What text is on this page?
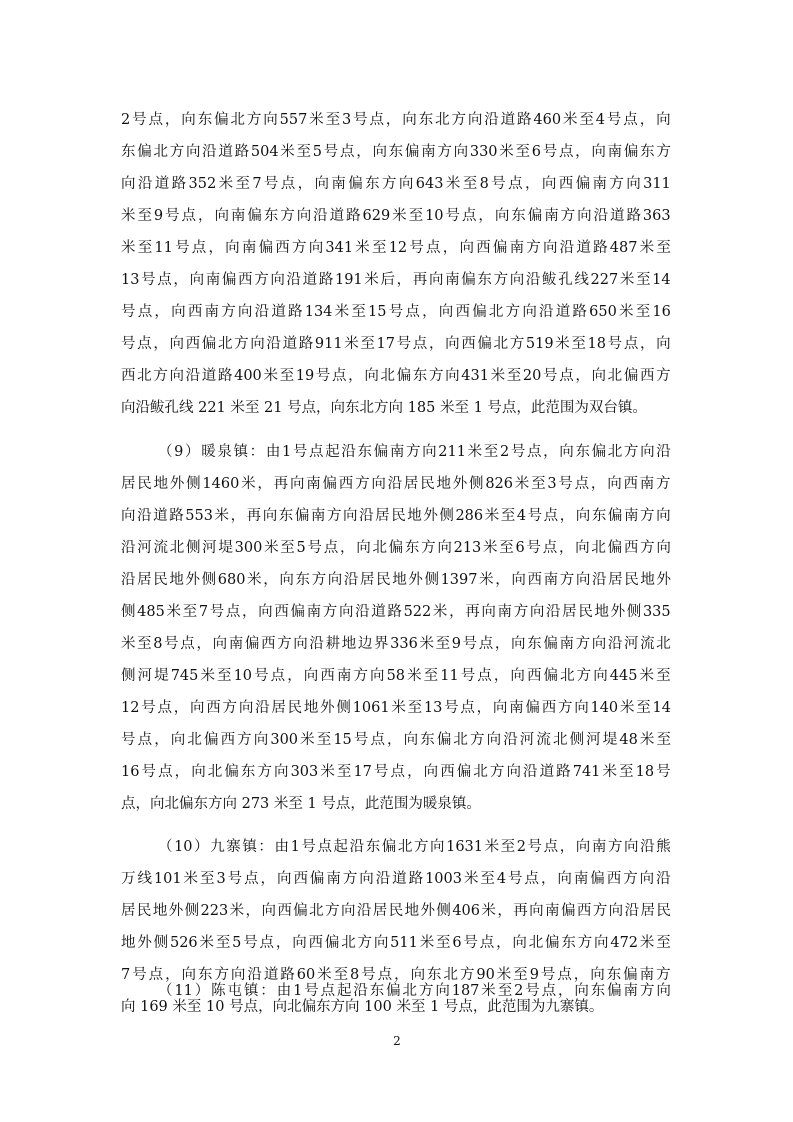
2
2 号 点 ， 向 东 偏 北 方 向 557 米 至 3 号 点 ， 向 东 北 方 向 沿 道 路 460 米 至 4 号 点 ， 向
东 偏 北 方 向 沿 道 路 504 米 至 5 号 点 ， 向 东 偏 南 方 向 330 米 至 6 号 点 ， 向 南 偏 东 方
向 沿 道 路 352 米 至 7 号 点 ， 向 南 偏 东 方 向 643 米 至 8 号 点 ， 向 西 偏 南 方 向 311
米 至 9 号 点 ， 向 南 偏 东 方 向 沿 道 路 629 米 至 10 号 点 ， 向 东 偏 南 方 向 沿 道 路 363
米 至 11 号 点 ， 向 南 偏 西 方 向 341 米 至 12 号 点 ， 向 西 偏 南 方 向 沿 道 路 487 米 至
13 号 点 ， 向 南 偏 西 方 向 沿 道 路 191 米 后 ， 再 向 南 偏 东 方 向 沿 鲅 孔 线 227 米 至 14
号 点 ， 向 西 南 方 向 沿 道 路 134 米 至 15 号 点 ， 向 西 偏 北 方 向 沿 道 路 650 米 至 16
号 点 ， 向 西 偏 北 方 向 沿 道 路 911 米 至 17 号 点 ， 向 西 偏 北 方 519 米 至 18 号 点 ， 向
西 北 方 向 沿 道 路 400 米 至 19 号 点 ， 向 北 偏 东 方 向 431 米 至 20 号 点 ， 向 北 偏 西 方
向沿鲅孔线 221 米至 21 号点，向东北方向 185 米至 1 号点，此范围为双台镇。
（ 9 ） 暖 泉 镇 ： 由 1 号 点 起 沿 东 偏 南 方 向 211 米 至 2 号 点 ， 向 东 偏 北 方 向 沿
居 民 地 外 侧 1460 米 ， 再 向 南 偏 西 方 向 沿 居 民 地 外 侧 826 米 至 3 号 点 ， 向 西 南 方
向 沿 道 路 553 米 ， 再 向 东 偏 南 方 向 沿 居 民 地 外 侧 286 米 至 4 号 点 ， 向 东 偏 南 方 向
沿 河 流 北 侧 河 堤 300 米 至 5 号 点 ， 向 北 偏 东 方 向 213 米 至 6 号 点 ， 向 北 偏 西 方 向
沿 居 民 地 外 侧 680 米 ， 向 东 方 向 沿 居 民 地 外 侧 1397 米 ， 向 西 南 方 向 沿 居 民 地 外
侧 485 米 至 7 号 点 ， 向 西 偏 南 方 向 沿 道 路 522 米 ， 再 向 南 方 向 沿 居 民 地 外 侧 335
米 至 8 号 点 ， 向 南 偏 西 方 向 沿 耕 地 边 界 336 米 至 9 号 点 ， 向 东 偏 南 方 向 沿 河 流 北
侧 河 堤 745 米 至 10 号 点 ， 向 西 南 方 向 58 米 至 11 号 点 ， 向 西 偏 北 方 向 445 米 至
12 号 点 ， 向 西 方 向 沿 居 民 地 外 侧 1061 米 至 13 号 点 ， 向 南 偏 西 方 向 140 米 至 14
号 点 ， 向 北 偏 西 方 向 300 米 至 15 号 点 ， 向 东 偏 北 方 向 沿 河 流 北 侧 河 堤 48 米 至
16 号 点 ， 向 北 偏 东 方 向 303 米 至 17 号 点 ， 向 西 偏 北 方 向 沿 道 路 741 米 至 18 号
点，向北偏东方向 273 米至 1 号点，此范围为暖泉镇。
（ 10 ） 九 寨 镇 ： 由 1 号 点 起 沿 东 偏 北 方 向 1631 米 至 2 号 点 ， 向 南 方 向 沿 熊
万 线 101 米 至 3 号 点 ， 向 西 偏 南 方 向 沿 道 路 1003 米 至 4 号 点 ， 向 南 偏 西 方 向 沿
居 民 地 外 侧 223 米 ， 向 西 偏 北 方 向 沿 居 民 地 外 侧 406 米 ， 再 向 南 偏 西 方 向 沿 居 民
地 外 侧 526 米 至 5 号 点 ， 向 西 偏 北 方 向 511 米 至 6 号 点 ， 向 北 偏 东 方 向 472 米 至
7 号 点 ， 向 东 方 向 沿 道 路 60 米 至 8 号 点 ， 向 东 北 方 90 米 至 9 号 点 ， 向 东 偏 南 方
向 169 米至 10 号点，向北偏东方向 100 米至 1 号点，此范围为九寨镇。
（ 11 ） 陈 屯 镇 ： 由 1 号 点 起 沿 东 偏 北 方 向 187 米 至 2 号 点 ， 向 东 偏 南 方 向
